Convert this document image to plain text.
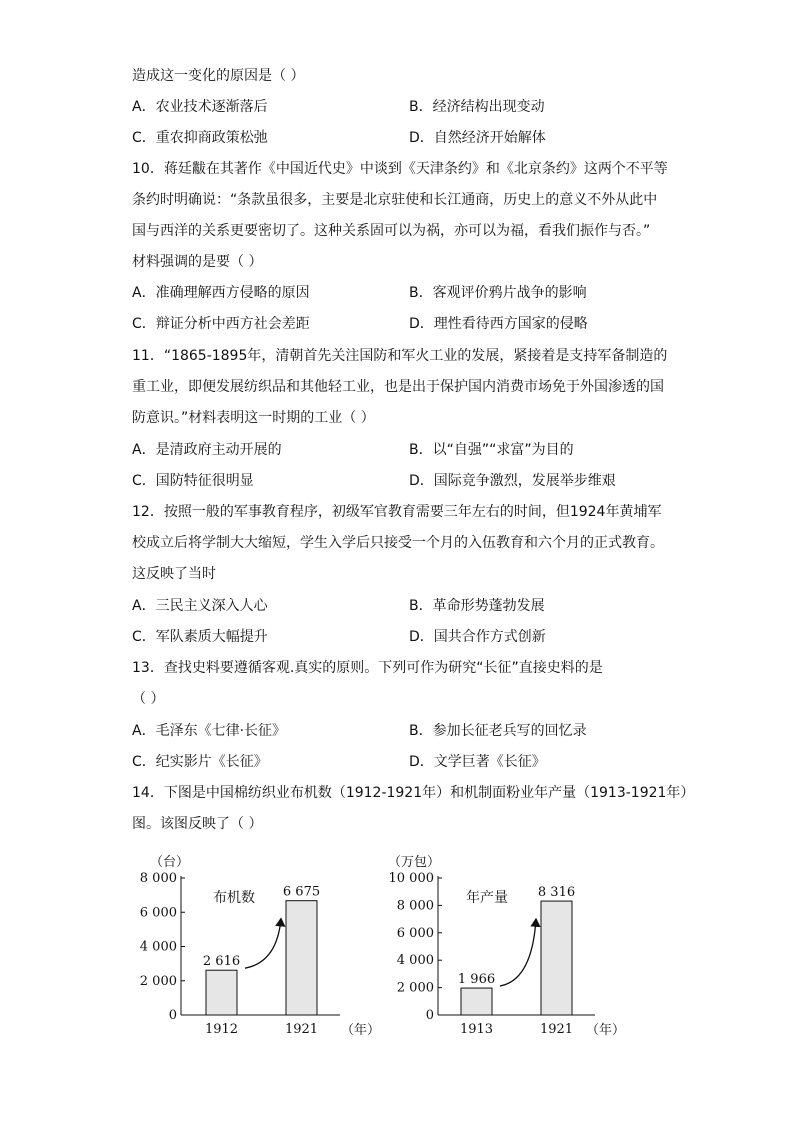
造成这一变化的原因是（ ）
A．农业技术逐渐落后	B．经济结构出现变动
C．重农抑商政策松弛	D．自然经济开始解体
10．蒋廷黻在其著作《中国近代史》中谈到《天津条约》和《北京条约》这两个不平等
条约时明确说：“条款虽很多，主要是北京驻使和长江通商，历史上的意义不外从此中
国与西洋的关系更要密切了。这种关系固可以为祸，亦可以为福，看我们振作与否。”
材料强调的是要（ ）
A．准确理解西方侵略的原因	B．客观评价鸦片战争的影响
C．辩证分析中西方社会差距	D．理性看待西方国家的侵略
11．“1865-1895年，清朝首先关注国防和军火工业的发展，紧接着是支持军备制造的
重工业，即便发展纺织品和其他轻工业，也是出于保护国内消费市场免于外国渗透的国
防意识。”材料表明这一时期的工业（ ）
A．是清政府主动开展的	B．以“自强”“求富”为目的
C．国防特征很明显	D．国际竞争激烈，发展举步维艰
12．按照一般的军事教育程序，初级军官教育需要三年左右的时间，但1924年黄埔军
校成立后将学制大大缩短，学生入学后只接受一个月的入伍教育和六个月的正式教育。
这反映了当时
A．三民主义深入人心	B．革命形势蓬勃发展
C．军队素质大幅提升	D．国共合作方式创新
13．查找史料要遵循客观.真实的原则。下列可作为研究“长征”直接史料的是
（ ）
A．毛泽东《七律·长征》	B．参加长征老兵写的回忆录
C．纪实影片《长征》	D．文学巨著《长征》
14．下图是中国棉纺织业布机数（1912-1921年）和机制面粉业年产量（1913-1921年）
图。该图反映了（ ）
0
2 000
4 000
6 000
8 000
2 616
1912
6 675
1921
（台）
布机数
（年）
0
2 000
4 000
6 000
8 000
10 000
1 966
1913
8 316
1921
（万包）
年产量
（年）
